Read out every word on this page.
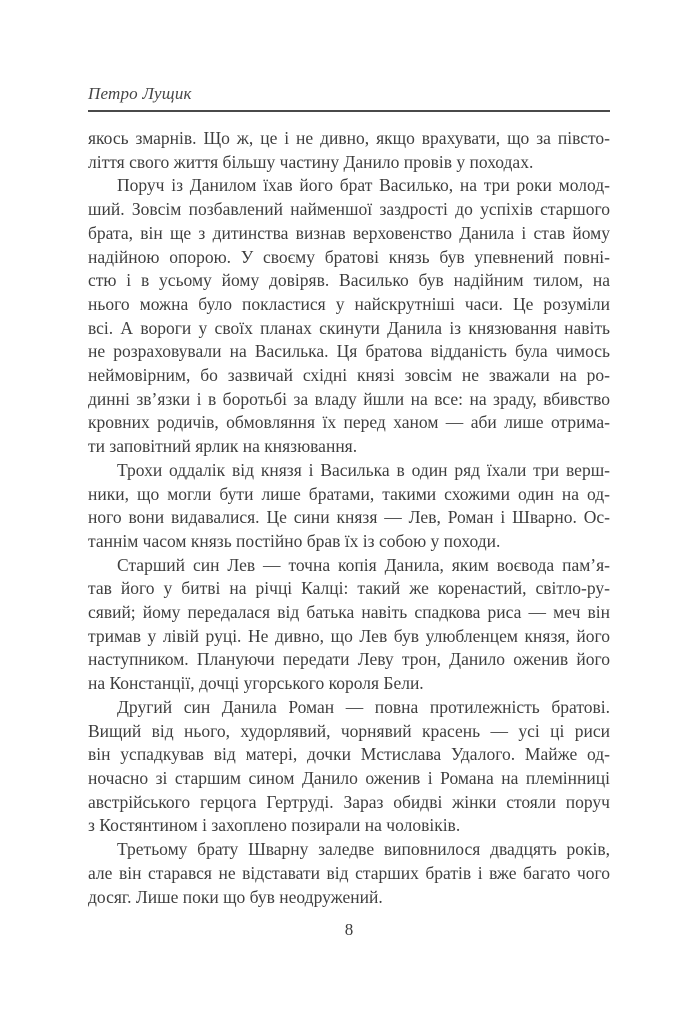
Петро Лущик
якось змарнів. Що ж, це і не дивно, якщо врахувати, що за півсто-
ліття свого життя більшу частину Данило провів у походах.
Поруч із Данилом їхав його брат Василько, на три роки молод-
ший. Зовсім позбавлений найменшої заздрості до успіхів старшого
брата, він ще з дитинства визнав верховенство Данила і став йому
надійною опорою. У своєму братові князь був упевнений повні-
стю і в усьому йому довіряв. Василько був надійним тилом, на
нього можна було покластися у найскрутніші часи. Це розуміли
всі. А вороги у своїх планах скинути Данила із князювання навіть
не розраховували на Василька. Ця братова відданість була чимось
неймовірним, бо зазвичай східні князі зовсім не зважали на ро-
динні зв’язки і в боротьбі за владу йшли на все: на зраду, вбивство
кровних родичів, обмовляння їх перед ханом — аби лише отрима-
ти заповітний ярлик на князювання.
Трохи оддалік від князя і Василька в один ряд їхали три верш-
ники, що могли бути лише братами, такими схожими один на од-
ного вони видавалися. Це сини князя — Лев, Роман і Шварно. Ос-
таннім часом князь постійно брав їх із собою у походи.
Старший син Лев — точна копія Данила, яким воєвода пам’я-
тав його у битві на річці Калці: такий же коренастий, світло-ру-
сявий; йому передалася від батька навіть спадкова риса — меч він
тримав у лівій руці. Не дивно, що Лев був улюбленцем князя, його
наступником. Плануючи передати Леву трон, Данило оженив його
на Констанції, дочці угорського короля Бели.
Другий син Данила Роман — повна протилежність братові.
Вищий від нього, худорлявий, чорнявий красень — усі ці риси
він успадкував від матері, дочки Мстислава Удалого. Майже од-
ночасно зі старшим сином Данило оженив і Романа на племінниці
австрійського герцога Гертруді. Зараз обидві жінки стояли поруч
з Костянтином і захоплено позирали на чоловіків.
Третьому брату Шварну заледве виповнилося двадцять років,
але він старався не відставати від старших братів і вже багато чого
досяг. Лише поки що був неодружений.
8
